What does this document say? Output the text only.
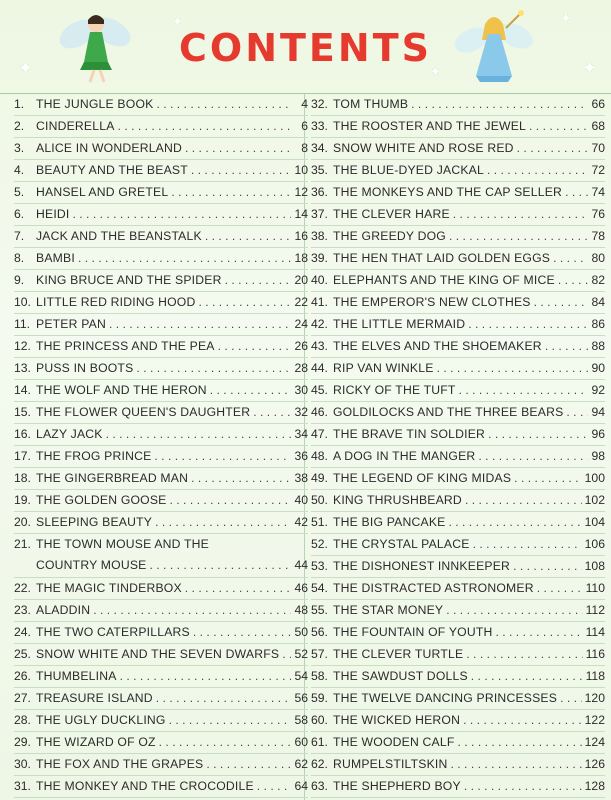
✦
✦
✦
✦
✦
CONTENTS
1. THE JUNGLE BOOK . . .	4
2. CINDERELLA . . .	6
3. ALICE IN WONDERLAND . . .	8
4. BEAUTY AND THE BEAST . . .	10
5. HANSEL AND GRETEL . . .	12
6. HEIDI . . .	14
7. JACK AND THE BEANSTALK . . .	16
8. BAMBI . . .	18
9. KING BRUCE AND THE SPIDER . . .	20
10. LITTLE RED RIDING HOOD . . .	22
11. PETER PAN . . .	24
12. THE PRINCESS AND THE PEA . . .	26
13. PUSS IN BOOTS . . .	28
14. THE WOLF AND THE HERON . . .	30
15. THE FLOWER QUEEN'S DAUGHTER . . .	32
16. LAZY JACK . . .	34
17. THE FROG PRINCE . . .	36
18. THE GINGERBREAD MAN . . .	38
19. THE GOLDEN GOOSE . . .	40
20. SLEEPING BEAUTY . . .	42
21. THE TOWN MOUSE AND THE
COUNTRY MOUSE . . .	44
22. THE MAGIC TINDERBOX . . .	46
23. ALADDIN . . .	48
24. THE TWO CATERPILLARS . . .	50
25. SNOW WHITE AND THE SEVEN DWARFS . . . 52
26. THUMBELINA . . .	54
27. TREASURE ISLAND . . .	56
28. THE UGLY DUCKLING . . .	58
29. THE WIZARD OF OZ . . .	60
30. THE FOX AND THE GRAPES . . .	62
31. THE MONKEY AND THE CROCODILE . . .	64
32. TOM THUMB . . .	66
33. THE ROOSTER AND THE JEWEL . . .	68
34. SNOW WHITE AND ROSE RED . . .	70
35. THE BLUE-DYED JACKAL . . .	72
36. THE MONKEYS AND THE CAP SELLER . . . 74
37. THE CLEVER HARE . . .	76
38. THE GREEDY DOG . . .	78
39. THE HEN THAT LAID GOLDEN EGGS . . .	80
40. ELEPHANTS AND THE KING OF MICE . . .	82
41. THE EMPEROR'S NEW CLOTHES . . .	84
42. THE LITTLE MERMAID . . .	86
43. THE ELVES AND THE SHOEMAKER . . .	88
44. RIP VAN WINKLE . . .	90
45. RICKY OF THE TUFT . . .	92
46. GOLDILOCKS AND THE THREE BEARS . . . 94
47. THE BRAVE TIN SOLDIER . . .	96
48. A DOG IN THE MANGER . . .	98
49. THE LEGEND OF KING MIDAS . . .	100
50. KING THRUSHBEARD . . .	102
51. THE BIG PANCAKE . . .	104
52. THE CRYSTAL PALACE . . .	106
53. THE DISHONEST INNKEEPER . . .	108
54. THE DISTRACTED ASTRONOMER . . .	110
55. THE STAR MONEY . . .	112
56. THE FOUNTAIN OF YOUTH . . .	114
57. THE CLEVER TURTLE . . .	116
58. THE SAWDUST DOLLS . . .	118
59. THE TWELVE DANCING PRINCESSES . . . 120
60. THE WICKED HERON . . .	122
61. THE WOODEN CALF . . .	124
62. RUMPELSTILTSKIN . . .	126
63. THE SHEPHERD BOY . . .	128
